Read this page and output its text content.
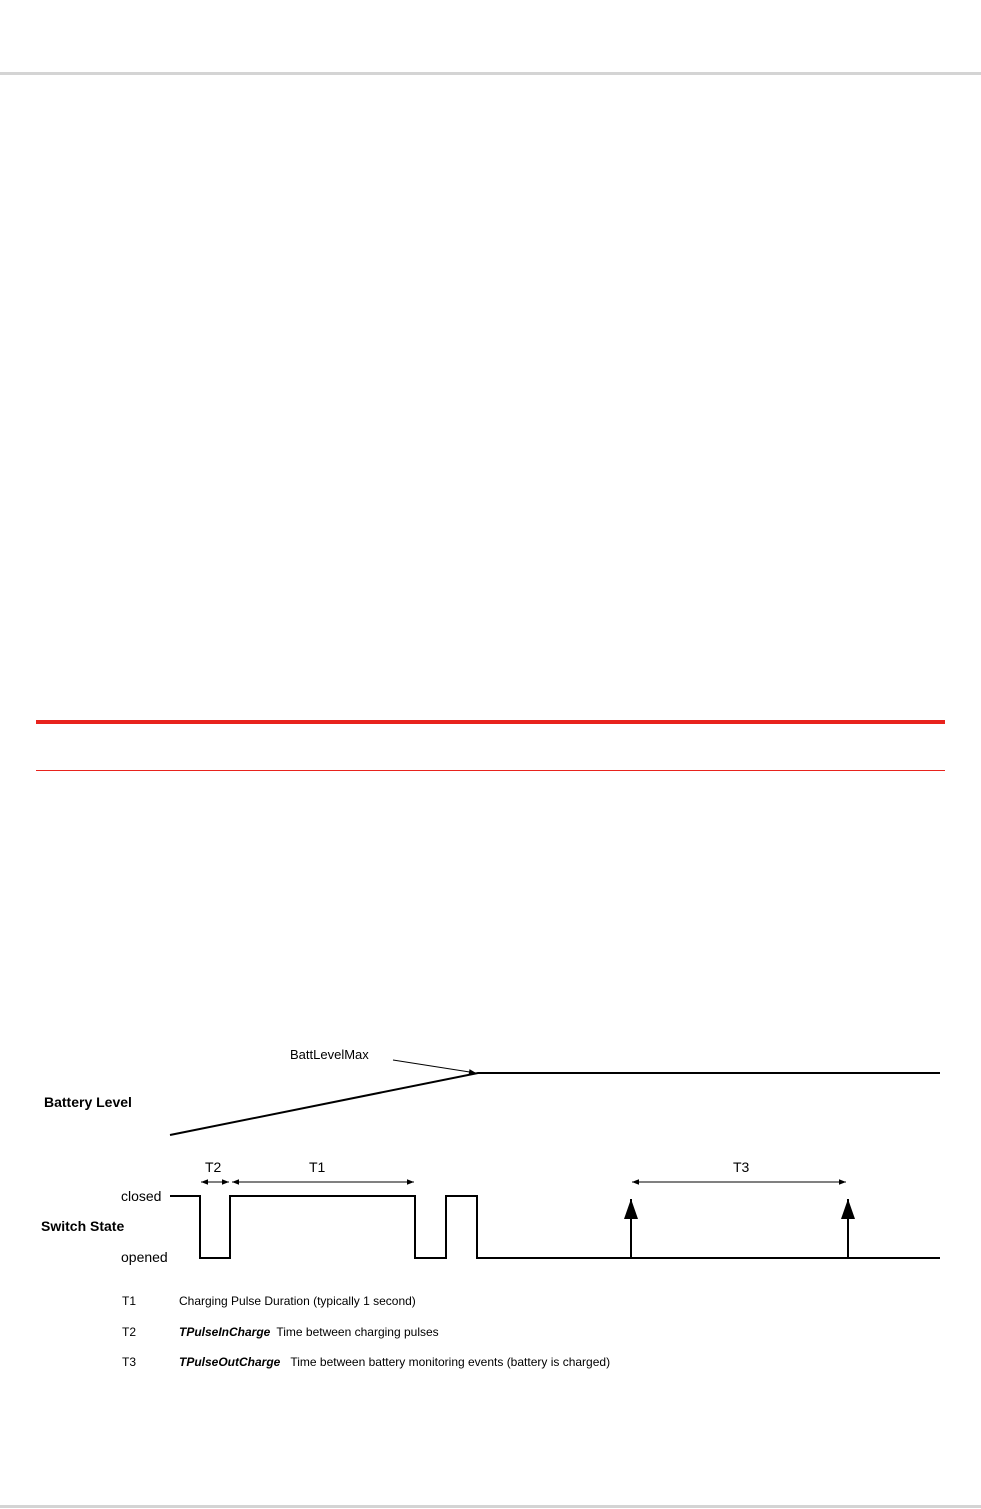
BattLevelMax
Battery Level
closed
Switch State
opened
T2	T1	T3
T1	Charging Pulse Duration (typically 1 second)
T2	TPulseInCharge Time between charging pulses
T3	TPulseOutCharge Time between battery monitoring events (battery is charged)
